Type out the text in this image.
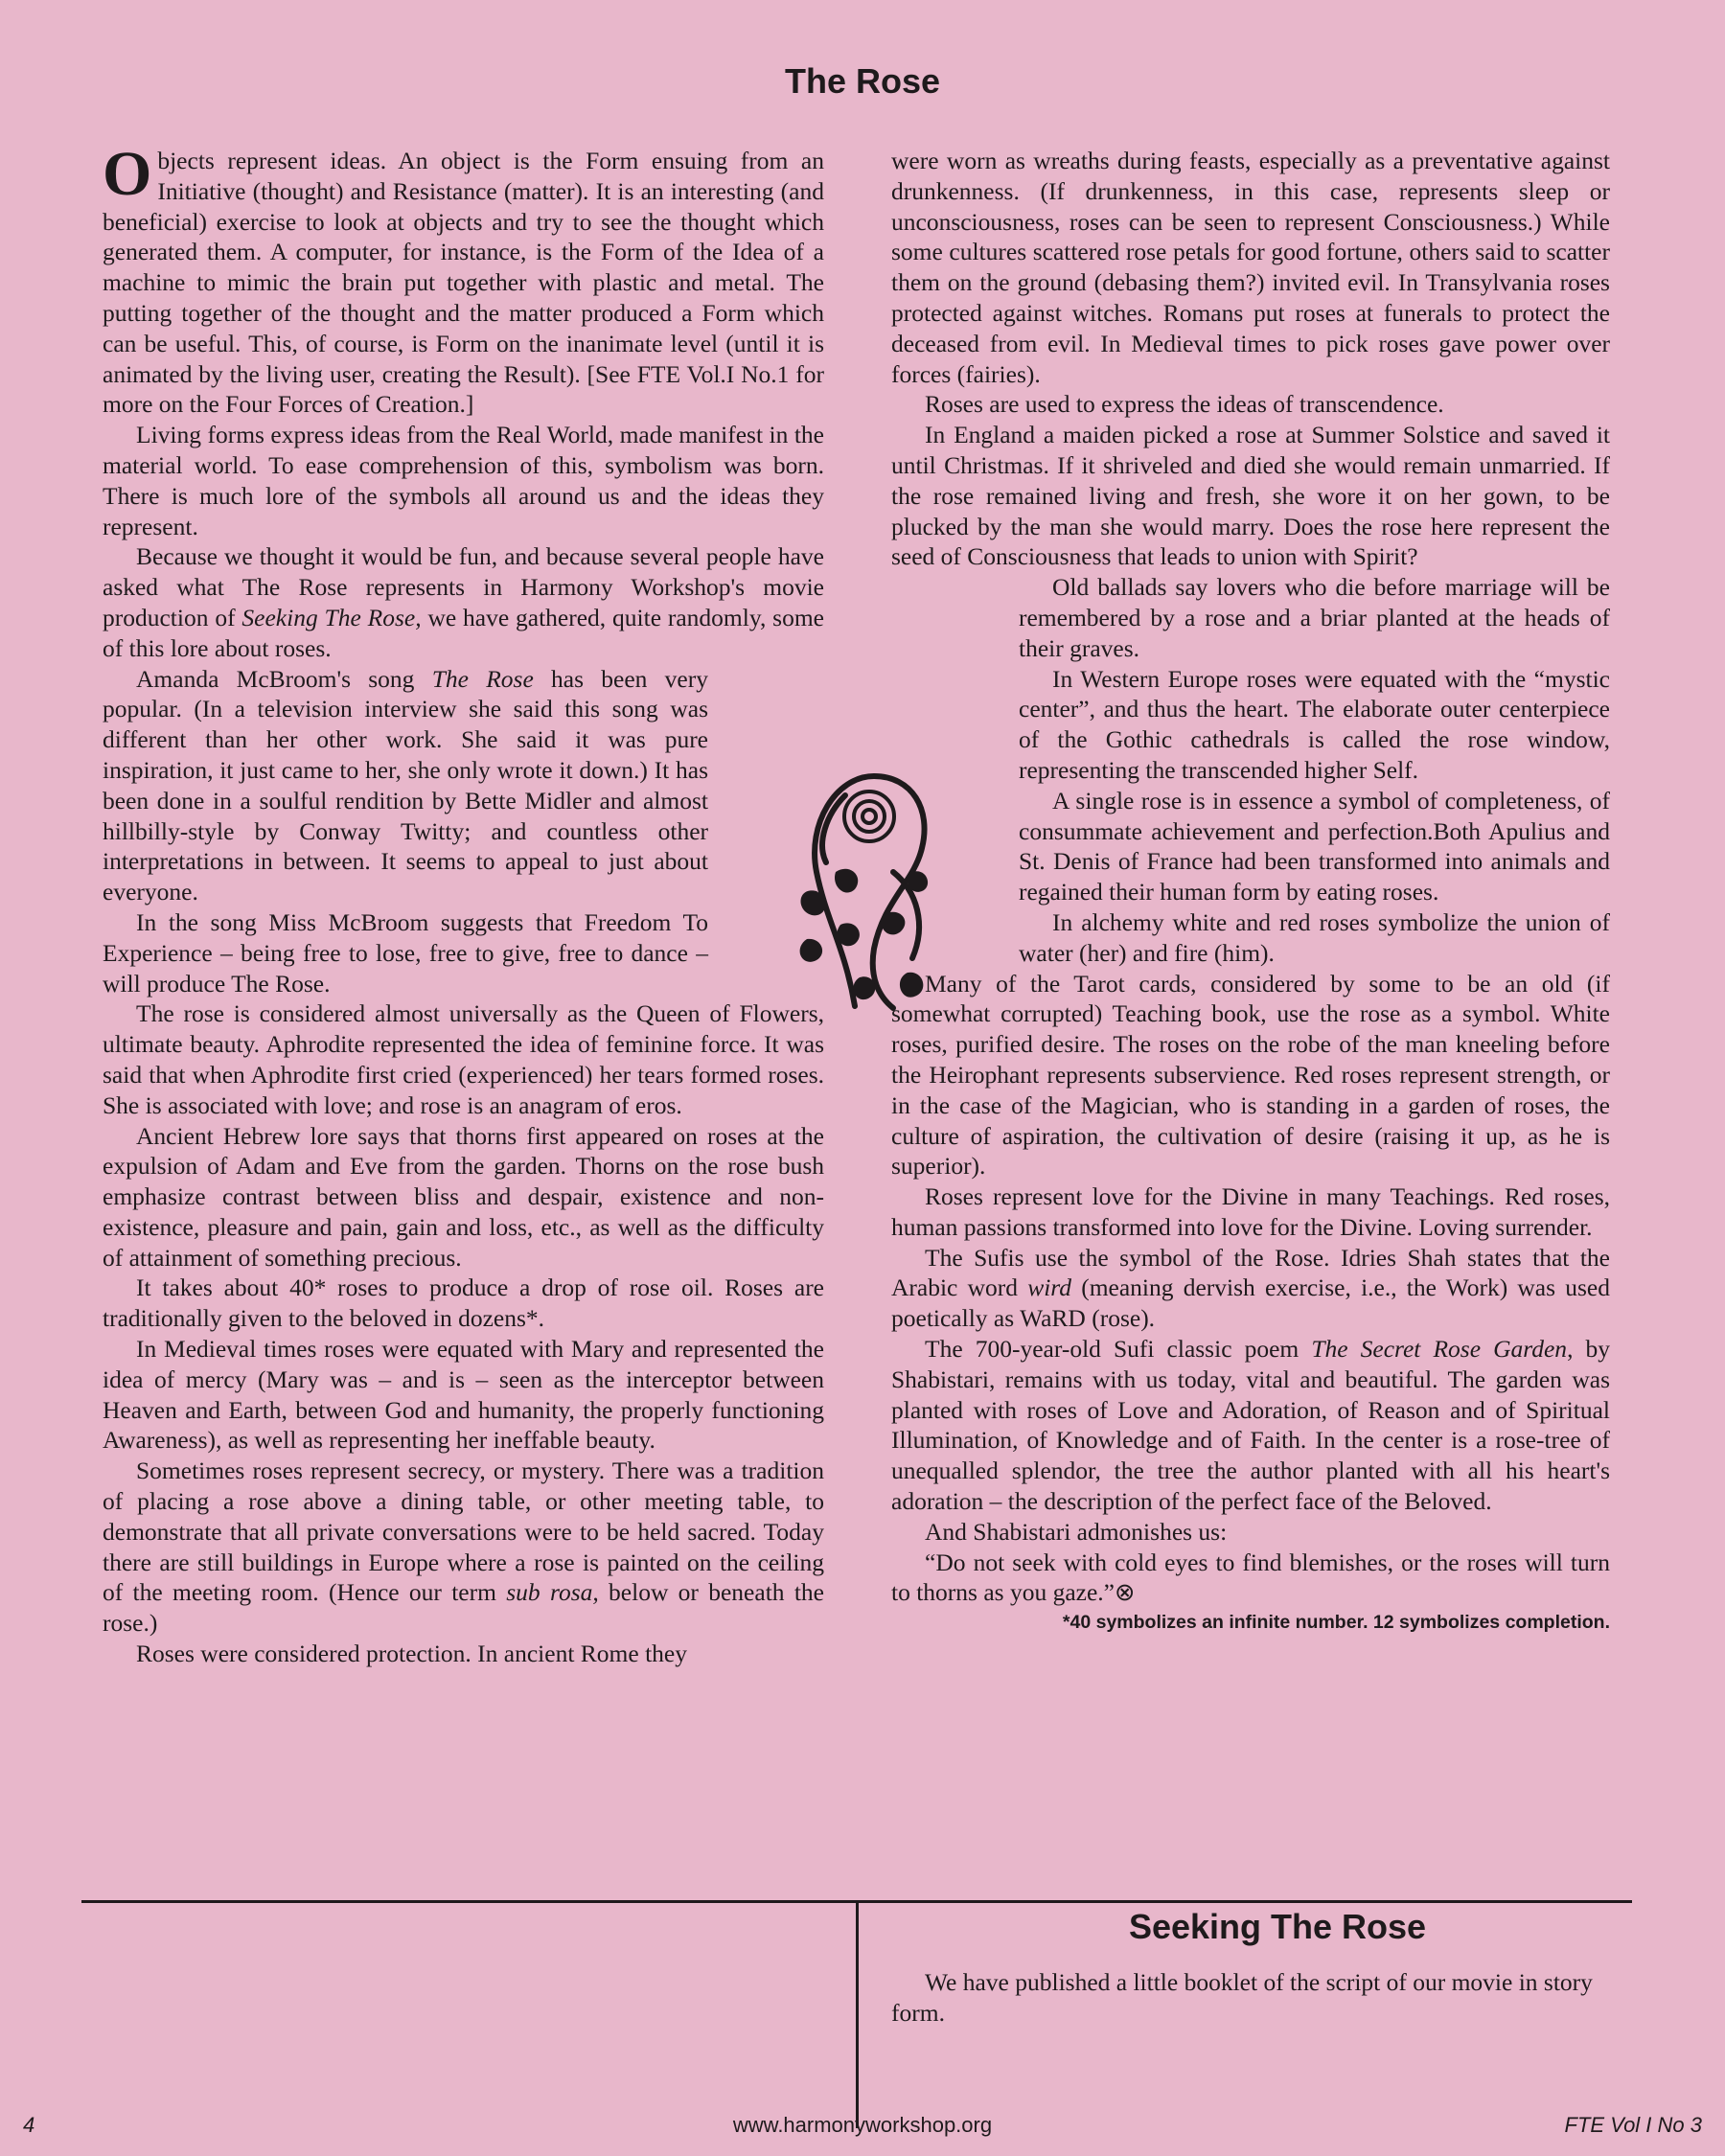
The Rose

Objects represent ideas. An object is the Form ensuing from an Initiative (thought) and Resistance (matter). It is an interesting (and beneficial) exercise to look at objects and try to see the thought which generated them. A computer, for instance, is the Form of the Idea of a machine to mimic the brain put together with plastic and metal. The putting together of the thought and the matter produced a Form which can be useful. This, of course, is Form on the inanimate level (until it is animated by the living user, creating the Result). [See FTE Vol.I No.1 for more on the Four Forces of Creation.]

Living forms express ideas from the Real World, made manifest in the material world. To ease comprehension of this, symbolism was born. There is much lore of the symbols all around us and the ideas they represent.

Because we thought it would be fun, and because several people have asked what The Rose represents in Harmony Workshop's movie production of Seeking The Rose, we have gathered, quite randomly, some of this lore about roses.

Amanda McBroom's song The Rose has been very popular. (In a television interview she said this song was different than her other work. She said it was pure inspiration, it just came to her, she only wrote it down.) It has been done in a soulful rendition by Bette Midler and almost hillbilly-style by Conway Twitty; and countless other interpretations in between. It seems to appeal to just about everyone.

In the song Miss McBroom suggests that Freedom To Experience – being free to lose, free to give, free to dance – will produce The Rose.

The rose is considered almost universally as the Queen of Flowers, ultimate beauty. Aphrodite represented the idea of feminine force. It was said that when Aphrodite first cried (experienced) her tears formed roses. She is associated with love; and rose is an anagram of eros.

Ancient Hebrew lore says that thorns first appeared on roses at the expulsion of Adam and Eve from the garden. Thorns on the rose bush emphasize contrast between bliss and despair, existence and non-existence, pleasure and pain, gain and loss, etc., as well as the difficulty of attainment of something precious.

It takes about 40* roses to produce a drop of rose oil. Roses are traditionally given to the beloved in dozens*.

In Medieval times roses were equated with Mary and represented the idea of mercy (Mary was – and is – seen as the interceptor between Heaven and Earth, between God and humanity, the properly functioning Awareness), as well as representing her ineffable beauty.

Sometimes roses represent secrecy, or mystery. There was a tradition of placing a rose above a dining table, or other meeting table, to demonstrate that all private conversations were to be held sacred. Today there are still buildings in Europe where a rose is painted on the ceiling of the meeting room. (Hence our term sub rosa, below or beneath the rose.)

Roses were considered protection. In ancient Rome they

were worn as wreaths during feasts, especially as a preventative against drunkenness. (If drunkenness, in this case, represents sleep or unconsciousness, roses can be seen to represent Consciousness.) While some cultures scattered rose petals for good fortune, others said to scatter them on the ground (debasing them?) invited evil. In Transylvania roses protected against witches. Romans put roses at funerals to protect the deceased from evil. In Medieval times to pick roses gave power over forces (fairies).

Roses are used to express the ideas of transcendence.

In England a maiden picked a rose at Summer Solstice and saved it until Christmas. If it shriveled and died she would remain unmarried. If the rose remained living and fresh, she wore it on her gown, to be plucked by the man she would marry. Does the rose here represent the seed of Consciousness that leads to union with Spirit?

Old ballads say lovers who die before marriage will be remembered by a rose and a briar planted at the heads of their graves.

In Western Europe roses were equated with the “mystic center”, and thus the heart. The elaborate outer centerpiece of the Gothic cathedrals is called the rose window, representing the transcended higher Self.

A single rose is in essence a symbol of completeness, of consummate achievement and perfection.Both Apulius and St. Denis of France had been transformed into animals and regained their human form by eating roses.

In alchemy white and red roses symbolize the union of water (her) and fire (him).

Many of the Tarot cards, considered by some to be an old (if somewhat corrupted) Teaching book, use the rose as a symbol. White roses, purified desire. The roses on the robe of the man kneeling before the Heirophant represents subservience. Red roses represent strength, or in the case of the Magician, who is standing in a garden of roses, the culture of aspiration, the cultivation of desire (raising it up, as he is superior).

Roses represent love for the Divine in many Teachings. Red roses, human passions transformed into love for the Divine. Loving surrender.

The Sufis use the symbol of the Rose. Idries Shah states that the Arabic word wird (meaning dervish exercise, i.e., the Work) was used poetically as WaRD (rose).

The 700-year-old Sufi classic poem The Secret Rose Garden, by Shabistari, remains with us today, vital and beautiful. The garden was planted with roses of Love and Adoration, of Reason and of Spiritual Illumination, of Knowledge and of Faith. In the center is a rose-tree of unequalled splendor, the tree the author planted with all his heart's adoration – the description of the perfect face of the Beloved.

And Shabistari admonishes us:

“Do not seek with cold eyes to find blemishes, or the roses will turn to thorns as you gaze.”⊗

*40 symbolizes an infinite number. 12 symbolizes completion.

Seeking The Rose
We have published a little booklet of the script of our movie in story form.
4	www.harmonyworkshop.org	FTE Vol I No 3
